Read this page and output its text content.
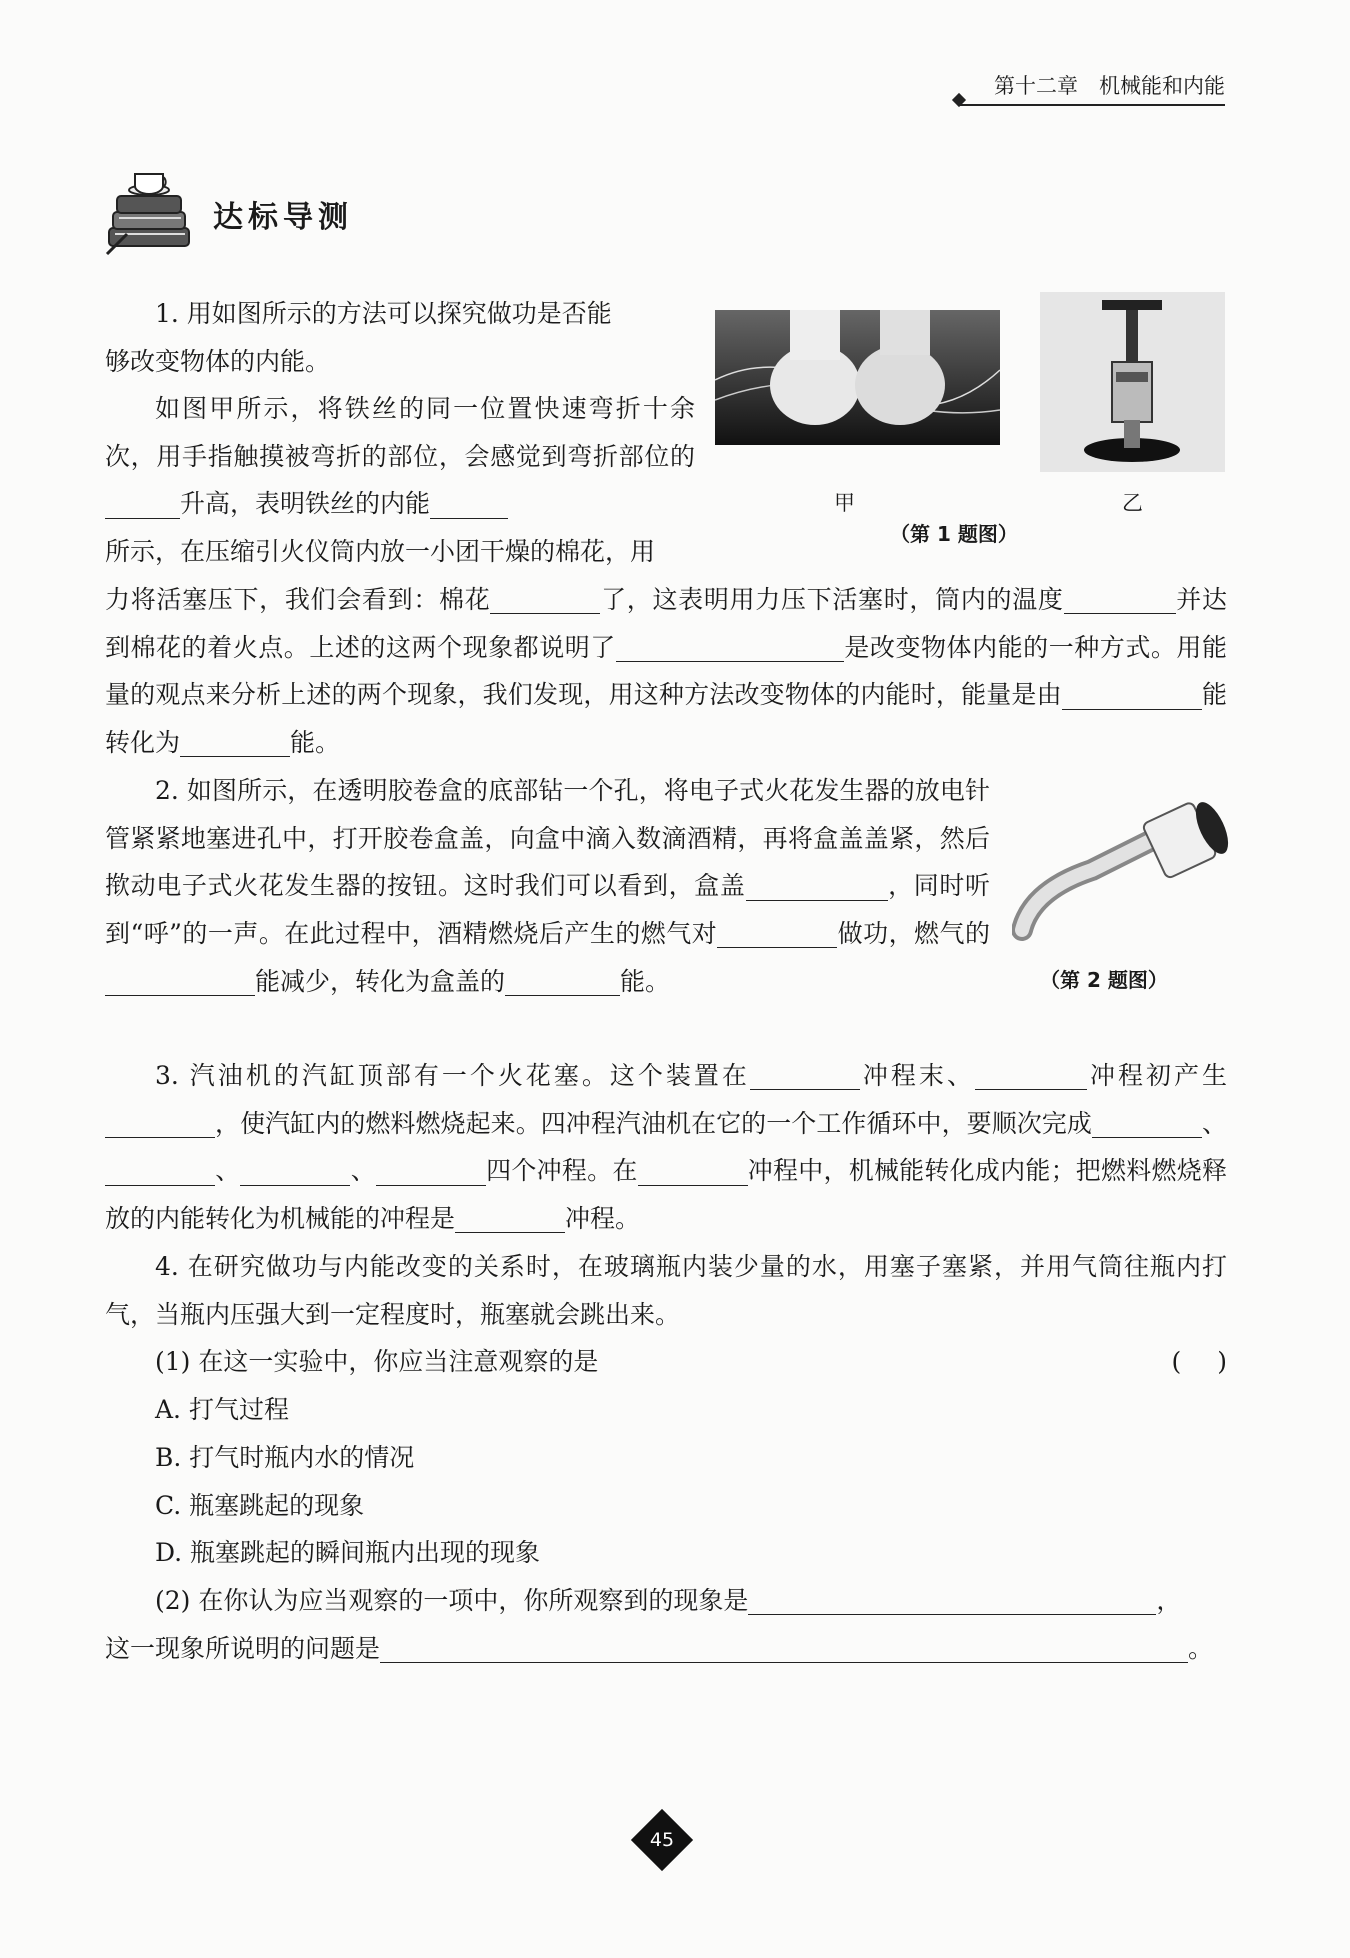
第十二章　机械能和内能
达标导测

1. 用如图所示的方法可以探究做功是否能

够改变物体的内能。

甲	乙
（第 1 题图）

如图甲所示，将铁丝的同一位置快速弯折十余次，用手指触摸被弯折的部位，会感觉到弯折部位的升高，表明铁丝的内能

所示，在压缩引火仪筒内放一小团干燥的棉花，用

力将活塞压下，我们会看到：棉花	了，这表明用力压下活塞时，筒内的温度	并达到棉花的着火点。上述的这两个现象都说明了	是改变物体内能的一种方式。用能量的观点来分析上述的两个现象，我们发现，用这种方法改变物体的内能时，能量是由	能转化为	能。

2. 如图所示，在透明胶卷盒的底部钻一个孔，将电子式火花发生器的放电针管紧紧地塞进孔中，打开胶卷盒盖，向盒中滴入数滴酒精，再将盒盖盖紧，然后揿动电子式火花发生器的按钮。这时我们可以看到，盒盖	，同时听到“呼”的一声。在此过程中，酒精燃烧后产生的燃气对	做功，燃气的能减少，转化为盒盖的	能。	（第 2 题图）

3. 汽油机的汽缸顶部有一个火花塞。这个装置在	冲程末、	冲程初产生，使汽缸内的燃料燃烧起来。四冲程汽油机在它的一个工作循环中，要顺次完成	、、	、	四个冲程。在	冲程中，机械能转化成内能；把燃料燃烧释放的内能转化为机械能的冲程是	冲程。

4. 在研究做功与内能改变的关系时，在玻璃瓶内装少量的水，用塞子塞紧，并用气筒往瓶内打气，当瓶内压强大到一定程度时，瓶塞就会跳出来。

(1) 在这一实验中，你应当注意观察的是	()

A. 打气过程

B. 打气时瓶内水的情况

C. 瓶塞跳起的现象

D. 瓶塞跳起的瞬间瓶内出现的现象

(2) 在你认为应当观察的一项中，你所观察到的现象是	，

这一现象所说明的问题是	。

45
